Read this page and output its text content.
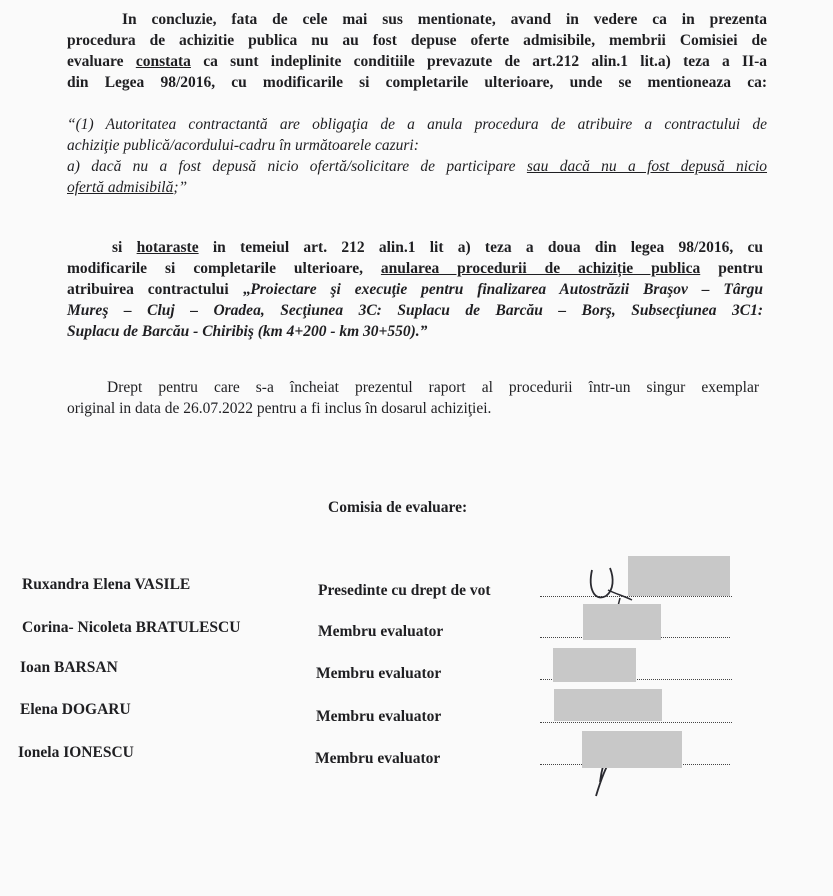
In concluzie, fata de cele mai sus mentionate, avand in vedere ca in prezenta
procedura de achizitie publica nu au fost depuse oferte admisibile, membrii Comisiei de
evaluare constata ca sunt indeplinite conditiile prevazute de art.212 alin.1 lit.a) teza a II-a
din Legea 98/2016, cu modificarile si completarile ulterioare, unde se mentioneaza ca:
“(1) Autoritatea contractantă are obligaţia de a anula procedura de atribuire a contractului de
achiziţie publică/acordului-cadru în următoarele cazuri:
a) dacă nu a fost depusă nicio ofertă/solicitare de participare sau dacă nu a fost depusă nicio
ofertă admisibilă;”
si hotaraste in temeiul art. 212 alin.1 lit a) teza a doua din legea 98/2016, cu
modificarile si completarile ulterioare, anularea procedurii de achiziție publica pentru
atribuirea contractului „Proiectare şi execuţie pentru finalizarea Autostrăzii Braşov – Târgu
Mureş – Cluj – Oradea, Secţiunea 3C: Suplacu de Barcău – Borş, Subsecţiunea 3C1:
Suplacu de Barcău - Chiribiş (km 4+200 - km 30+550).”
Drept pentru care s-a încheiat prezentul raport al procedurii într-un singur exemplar
original in data de 26.07.2022 pentru a fi inclus în dosarul achiziţiei.
Comisia de evaluare:
Ruxandra Elena VASILE	Presedinte cu drept de vot
Corina- Nicoleta BRATULESCU	Membru evaluator
Ioan BARSAN	Membru evaluator
Elena DOGARU	Membru evaluator
Ionela IONESCU	Membru evaluator
